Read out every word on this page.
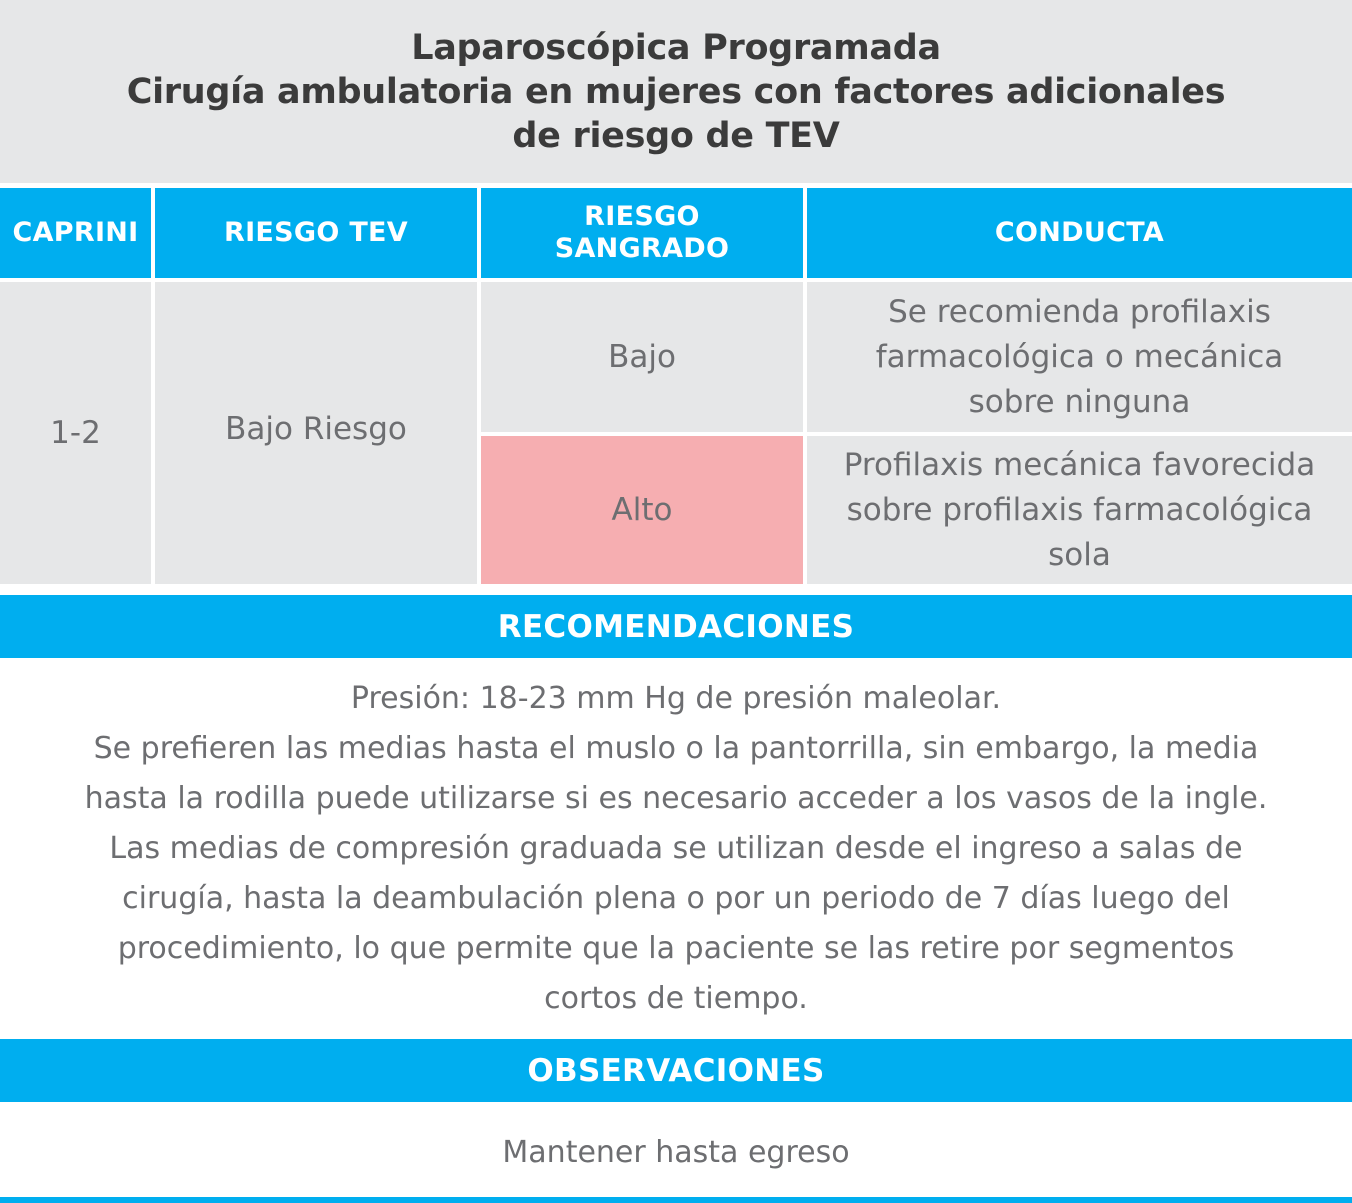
Laparoscópica Programada
Cirugía ambulatoria en mujeres con factores adicionales
de riesgo de TEV
CAPRINI	RIESGO TEV
RIESGO
SANGRADO
CONDUCTA
1-2	Bajo Riesgo
Bajo
Alto
Se recomienda profilaxis
farmacológica o mecánica
sobre ninguna
Profilaxis mecánica favorecida
sobre profilaxis farmacológica
sola
RECOMENDACIONES
Presión: 18-23 mm Hg de presión maleolar.
Se prefieren las medias hasta el muslo o la pantorrilla, sin embargo, la media
hasta la rodilla puede utilizarse si es necesario acceder a los vasos de la ingle.
Las medias de compresión graduada se utilizan desde el ingreso a salas de
cirugía, hasta la deambulación plena o por un periodo de 7 días luego del
procedimiento, lo que permite que la paciente se las retire por segmentos
cortos de tiempo.
OBSERVACIONES
Mantener hasta egreso
